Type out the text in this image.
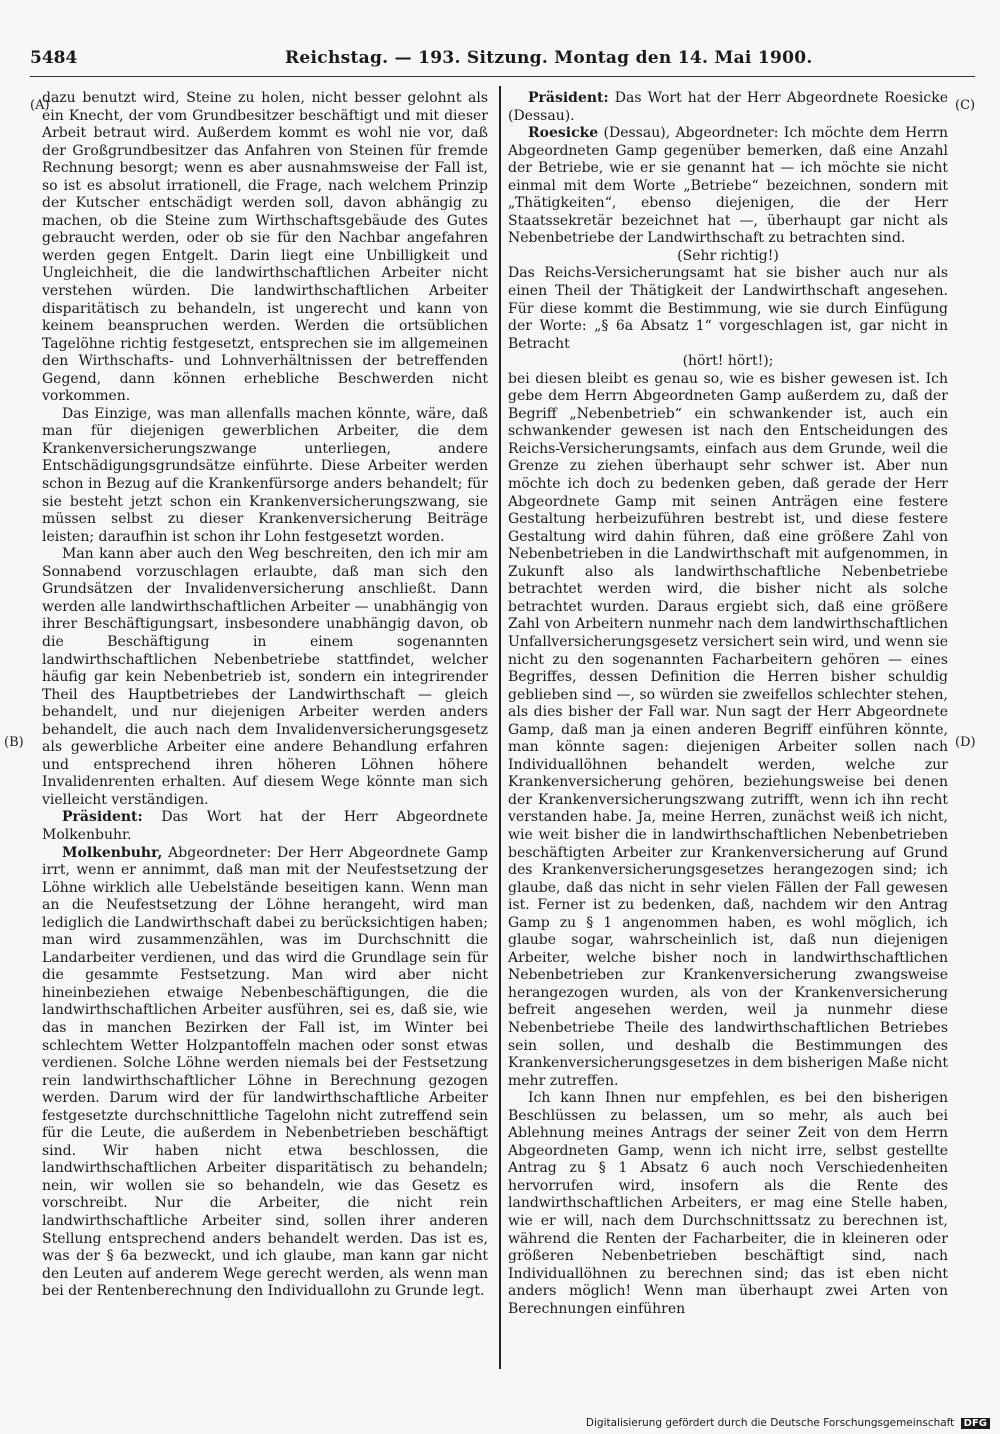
5484	Reichstag. — 193. Sitzung. Montag den 14. Mai 1900.
(A)
(B)
(C)
(D)

dazu benutzt wird, Steine zu holen, nicht besser gelohnt als ein Knecht, der vom Grundbesitzer beschäftigt und mit dieser Arbeit betraut wird. Außerdem kommt es wohl nie vor, daß der Großgrundbesitzer das Anfahren von Steinen für fremde Rechnung besorgt; wenn es aber ausnahmsweise der Fall ist, so ist es absolut irrationell, die Frage, nach welchem Prinzip der Kutscher entschädigt werden soll, davon abhängig zu machen, ob die Steine zum Wirthschaftsgebäude des Gutes gebraucht werden, oder ob sie für den Nachbar angefahren werden gegen Entgelt. Darin liegt eine Unbilligkeit und Ungleichheit, die die landwirthschaftlichen Arbeiter nicht verstehen würden. Die landwirthschaftlichen Arbeiter disparitätisch zu behandeln, ist ungerecht und kann von keinem beanspruchen werden. Werden die ortsüblichen Tagelöhne richtig festgesetzt, entsprechen sie im allgemeinen den Wirthschafts- und Lohnverhältnissen der betreffenden Gegend, dann können erhebliche Beschwerden nicht vorkommen.

Das Einzige, was man allenfalls machen könnte, wäre, daß man für diejenigen gewerblichen Arbeiter, die dem Krankenversicherungszwange unterliegen, andere Entschädigungsgrundsätze einführte. Diese Arbeiter werden schon in Bezug auf die Krankenfürsorge anders behandelt; für sie besteht jetzt schon ein Krankenversicherungszwang, sie müssen selbst zu dieser Krankenversicherung Beiträge leisten; daraufhin ist schon ihr Lohn festgesetzt worden.

Man kann aber auch den Weg beschreiten, den ich mir am Sonnabend vorzuschlagen erlaubte, daß man sich den Grundsätzen der Invalidenversicherung anschließt. Dann werden alle landwirthschaftlichen Arbeiter — unabhängig von ihrer Beschäftigungsart, insbesondere unabhängig davon, ob die Beschäftigung in einem sogenannten landwirthschaftlichen Nebenbetriebe stattfindet, welcher häufig gar kein Nebenbetrieb ist, sondern ein integrirender Theil des Hauptbetriebes der Landwirthschaft — gleich behandelt, und nur diejenigen Arbeiter werden anders behandelt, die auch nach dem Invalidenversicherungsgesetz als gewerbliche Arbeiter eine andere Behandlung erfahren und entsprechend ihren höheren Löhnen höhere Invalidenrenten erhalten. Auf diesem Wege könnte man sich vielleicht verständigen.

Präsident: Das Wort hat der Herr Abgeordnete Molkenbuhr.

Molkenbuhr, Abgeordneter: Der Herr Abgeordnete Gamp irrt, wenn er annimmt, daß man mit der Neufestsetzung der Löhne wirklich alle Uebelstände beseitigen kann. Wenn man an die Neufestsetzung der Löhne herangeht, wird man lediglich die Landwirthschaft dabei zu berücksichtigen haben; man wird zusammenzählen, was im Durchschnitt die Landarbeiter verdienen, und das wird die Grundlage sein für die gesammte Festsetzung. Man wird aber nicht hineinbeziehen etwaige Nebenbeschäftigungen, die die landwirthschaftlichen Arbeiter ausführen, sei es, daß sie, wie das in manchen Bezirken der Fall ist, im Winter bei schlechtem Wetter Holzpantoffeln machen oder sonst etwas verdienen. Solche Löhne werden niemals bei der Festsetzung rein landwirthschaftlicher Löhne in Berechnung gezogen werden. Darum wird der für landwirthschaftliche Arbeiter festgesetzte durchschnittliche Tagelohn nicht zutreffend sein für die Leute, die außerdem in Nebenbetrieben beschäftigt sind. Wir haben nicht etwa beschlossen, die landwirthschaftlichen Arbeiter disparitätisch zu behandeln; nein, wir wollen sie so behandeln, wie das Gesetz es vorschreibt. Nur die Arbeiter, die nicht rein landwirthschaftliche Arbeiter sind, sollen ihrer anderen Stellung entsprechend anders behandelt werden. Das ist es, was der § 6a bezweckt, und ich glaube, man kann gar nicht den Leuten auf anderem Wege gerecht werden, als wenn man bei der Rentenberechnung den Individuallohn zu Grunde legt.

Präsident: Das Wort hat der Herr Abgeordnete Roesicke (Dessau).

Roesicke (Dessau), Abgeordneter: Ich möchte dem Herrn Abgeordneten Gamp gegenüber bemerken, daß eine Anzahl der Betriebe, wie er sie genannt hat — ich möchte sie nicht einmal mit dem Worte „Betriebe“ bezeichnen, sondern mit „Thätigkeiten“, ebenso diejenigen, die der Herr Staatssekretär bezeichnet hat —, überhaupt gar nicht als Nebenbetriebe der Landwirthschaft zu betrachten sind.

(Sehr richtig!)

Das Reichs-Versicherungsamt hat sie bisher auch nur als einen Theil der Thätigkeit der Landwirthschaft angesehen. Für diese kommt die Bestimmung, wie sie durch Einfügung der Worte: „§ 6a Absatz 1“ vorgeschlagen ist, gar nicht in Betracht

(hört! hört!);

bei diesen bleibt es genau so, wie es bisher gewesen ist. Ich gebe dem Herrn Abgeordneten Gamp außerdem zu, daß der Begriff „Nebenbetrieb“ ein schwankender ist, auch ein schwankender gewesen ist nach den Entscheidungen des Reichs-Versicherungsamts, einfach aus dem Grunde, weil die Grenze zu ziehen überhaupt sehr schwer ist. Aber nun möchte ich doch zu bedenken geben, daß gerade der Herr Abgeordnete Gamp mit seinen Anträgen eine festere Gestaltung herbeizuführen bestrebt ist, und diese festere Gestaltung wird dahin führen, daß eine größere Zahl von Nebenbetrieben in die Landwirthschaft mit aufgenommen, in Zukunft also als landwirthschaftliche Nebenbetriebe betrachtet werden wird, die bisher nicht als solche betrachtet wurden. Daraus ergiebt sich, daß eine größere Zahl von Arbeitern nunmehr nach dem landwirthschaftlichen Unfallversicherungsgesetz versichert sein wird, und wenn sie nicht zu den sogenannten Facharbeitern gehören — eines Begriffes, dessen Definition die Herren bisher schuldig geblieben sind —, so würden sie zweifellos schlechter stehen, als dies bisher der Fall war. Nun sagt der Herr Abgeordnete Gamp, daß man ja einen anderen Begriff einführen könnte, man könnte sagen: diejenigen Arbeiter sollen nach Individuallöhnen behandelt werden, welche zur Krankenversicherung gehören, beziehungsweise bei denen der Krankenversicherungszwang zutrifft, wenn ich ihn recht verstanden habe. Ja, meine Herren, zunächst weiß ich nicht, wie weit bisher die in landwirthschaftlichen Nebenbetrieben beschäftigten Arbeiter zur Krankenversicherung auf Grund des Krankenversicherungsgesetzes herangezogen sind; ich glaube, daß das nicht in sehr vielen Fällen der Fall gewesen ist. Ferner ist zu bedenken, daß, nachdem wir den Antrag Gamp zu § 1 angenommen haben, es wohl möglich, ich glaube sogar, wahrscheinlich ist, daß nun diejenigen Arbeiter, welche bisher noch in landwirthschaftlichen Nebenbetrieben zur Krankenversicherung zwangsweise herangezogen wurden, als von der Krankenversicherung befreit angesehen werden, weil ja nunmehr diese Nebenbetriebe Theile des landwirthschaftlichen Betriebes sein sollen, und deshalb die Bestimmungen des Krankenversicherungsgesetzes in dem bisherigen Maße nicht mehr zutreffen.

Ich kann Ihnen nur empfehlen, es bei den bisherigen Beschlüssen zu belassen, um so mehr, als auch bei Ablehnung meines Antrags der seiner Zeit von dem Herrn Abgeordneten Gamp, wenn ich nicht irre, selbst gestellte Antrag zu § 1 Absatz 6 auch noch Verschiedenheiten hervorrufen wird, insofern als die Rente des landwirthschaftlichen Arbeiters, er mag eine Stelle haben, wie er will, nach dem Durchschnittssatz zu berechnen ist, während die Renten der Facharbeiter, die in kleineren oder größeren Nebenbetrieben beschäftigt sind, nach Individuallöhnen zu berechnen sind; das ist eben nicht anders möglich! Wenn man überhaupt zwei Arten von Berechnungen einführen

Digitalisierung gefördert durch die Deutsche Forschungsgemeinschaft DFG
